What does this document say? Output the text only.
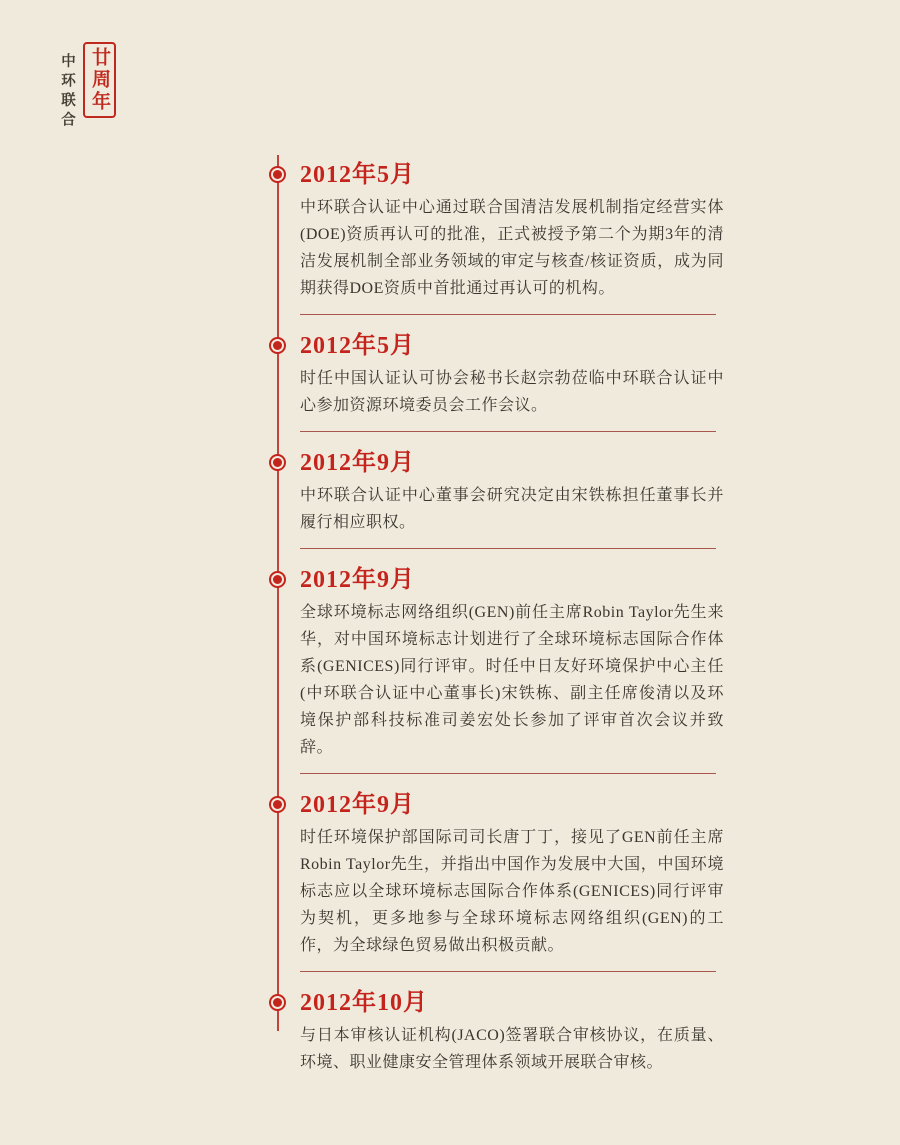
中环联合 廿周年
2012年5月
中环联合认证中心通过联合国清洁发展机制指定经营实体(DOE)资质再认可的批准，正式被授予第二个为期3年的清洁发展机制全部业务领域的审定与核查/核证资质，成为同期获得DOE资质中首批通过再认可的机构。
2012年5月
时任中国认证认可协会秘书长赵宗勃莅临中环联合认证中心参加资源环境委员会工作会议。
2012年9月
中环联合认证中心董事会研究决定由宋铁栋担任董事长并履行相应职权。
2012年9月
全球环境标志网络组织(GEN)前任主席Robin Taylor先生来华，对中国环境标志计划进行了全球环境标志国际合作体系(GENICES)同行评审。时任中日友好环境保护中心主任(中环联合认证中心董事长)宋铁栋、副主任席俊清以及环境保护部科技标准司姜宏处长参加了评审首次会议并致辞。
2012年9月
时任环境保护部国际司司长唐丁丁，接见了GEN前任主席Robin Taylor先生，并指出中国作为发展中大国，中国环境标志应以全球环境标志国际合作体系(GENICES)同行评审为契机，更多地参与全球环境标志网络组织(GEN)的工作，为全球绿色贸易做出积极贡献。
2012年10月
与日本审核认证机构(JACO)签署联合审核协议，在质量、环境、职业健康安全管理体系领域开展联合审核。
